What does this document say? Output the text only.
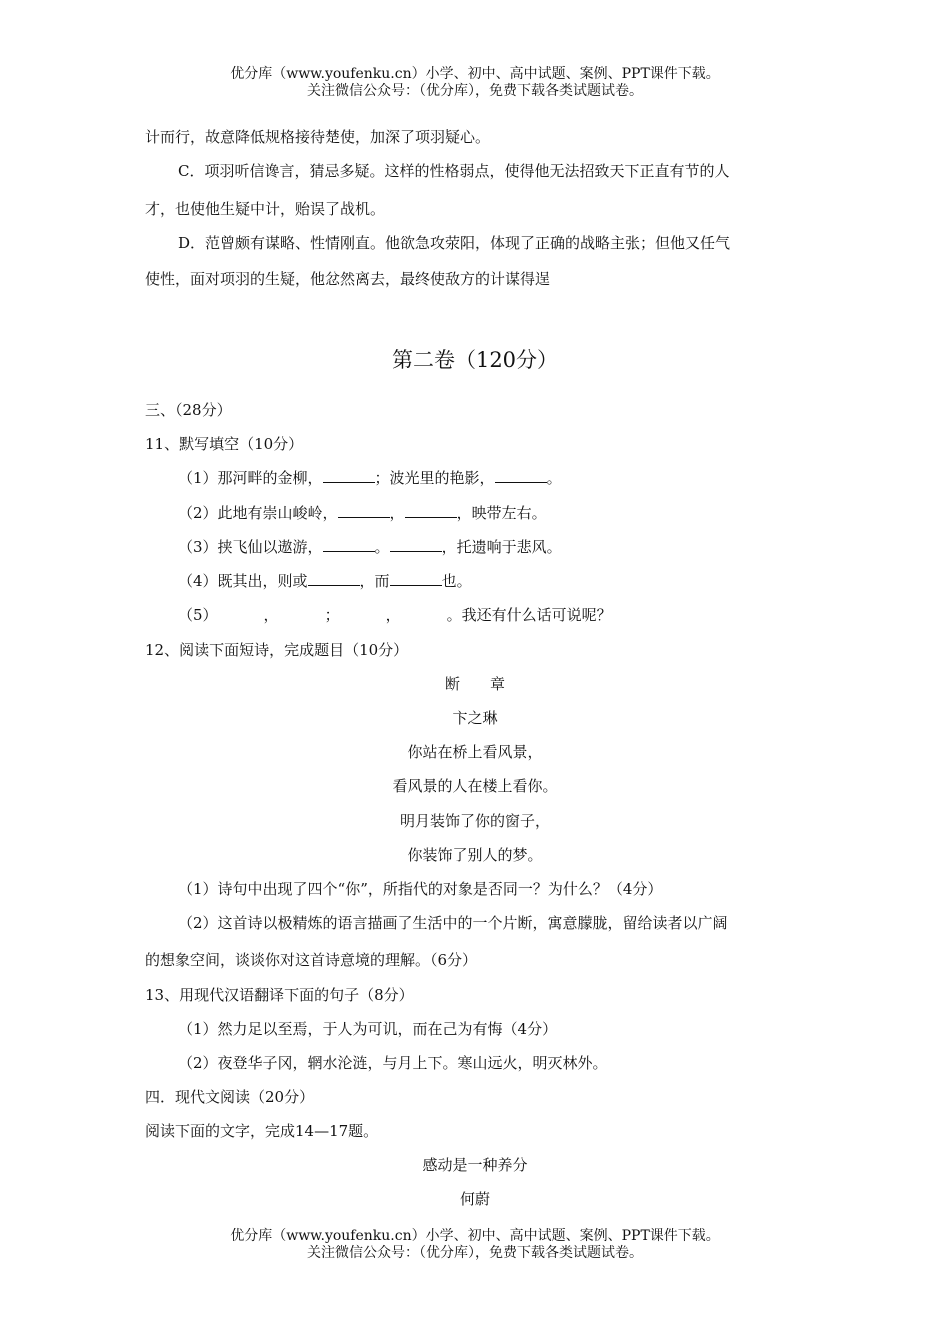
优分库（www.youfenku.cn）小学、初中、高中试题、案例、PPT课件下载。
关注微信公众号：（优分库），免费下载各类试题试卷。
计而行，故意降低规格接待楚使，加深了项羽疑心。
C．项羽听信谗言，猜忌多疑。这样的性格弱点，使得他无法招致天下正直有节的人
才，也使他生疑中计，贻误了战机。
D．范曾颇有谋略、性情刚直。他欲急攻荥阳，体现了正确的战略主张；但他又任气
使性，面对项羽的生疑，他忿然离去，最终使敌方的计谋得逞
第二卷（120分）
三、（28分）
11、默写填空（10分）
（1）那河畔的金柳，	；波光里的艳影，	。
（2）此地有崇山峻岭，	，	，映带左右。
（3）挟飞仙以遨游，	。	，托遗响于悲风。
（4）既其出，则或	，而	也。
（5）	，	；	，	。我还有什么话可说呢？
12、阅读下面短诗，完成题目（10分）
断　　章
卞之琳
你站在桥上看风景，
看风景的人在楼上看你。
明月装饰了你的窗子，
你装饰了别人的梦。
（1）诗句中出现了四个“你”，所指代的对象是否同一？为什么？（4分）
（2）这首诗以极精炼的语言描画了生活中的一个片断，寓意朦胧，留给读者以广阔
的想象空间，谈谈你对这首诗意境的理解。（6分）
13、用现代汉语翻译下面的句子（8分）
（1）然力足以至焉，于人为可讥，而在己为有悔（4分）
（2）夜登华子冈，辋水沦涟，与月上下。寒山远火，明灭林外。
四．现代文阅读（20分）
阅读下面的文字，完成14—17题。
感动是一种养分
何蔚
优分库（www.youfenku.cn）小学、初中、高中试题、案例、PPT课件下载。
关注微信公众号：（优分库），免费下载各类试题试卷。
